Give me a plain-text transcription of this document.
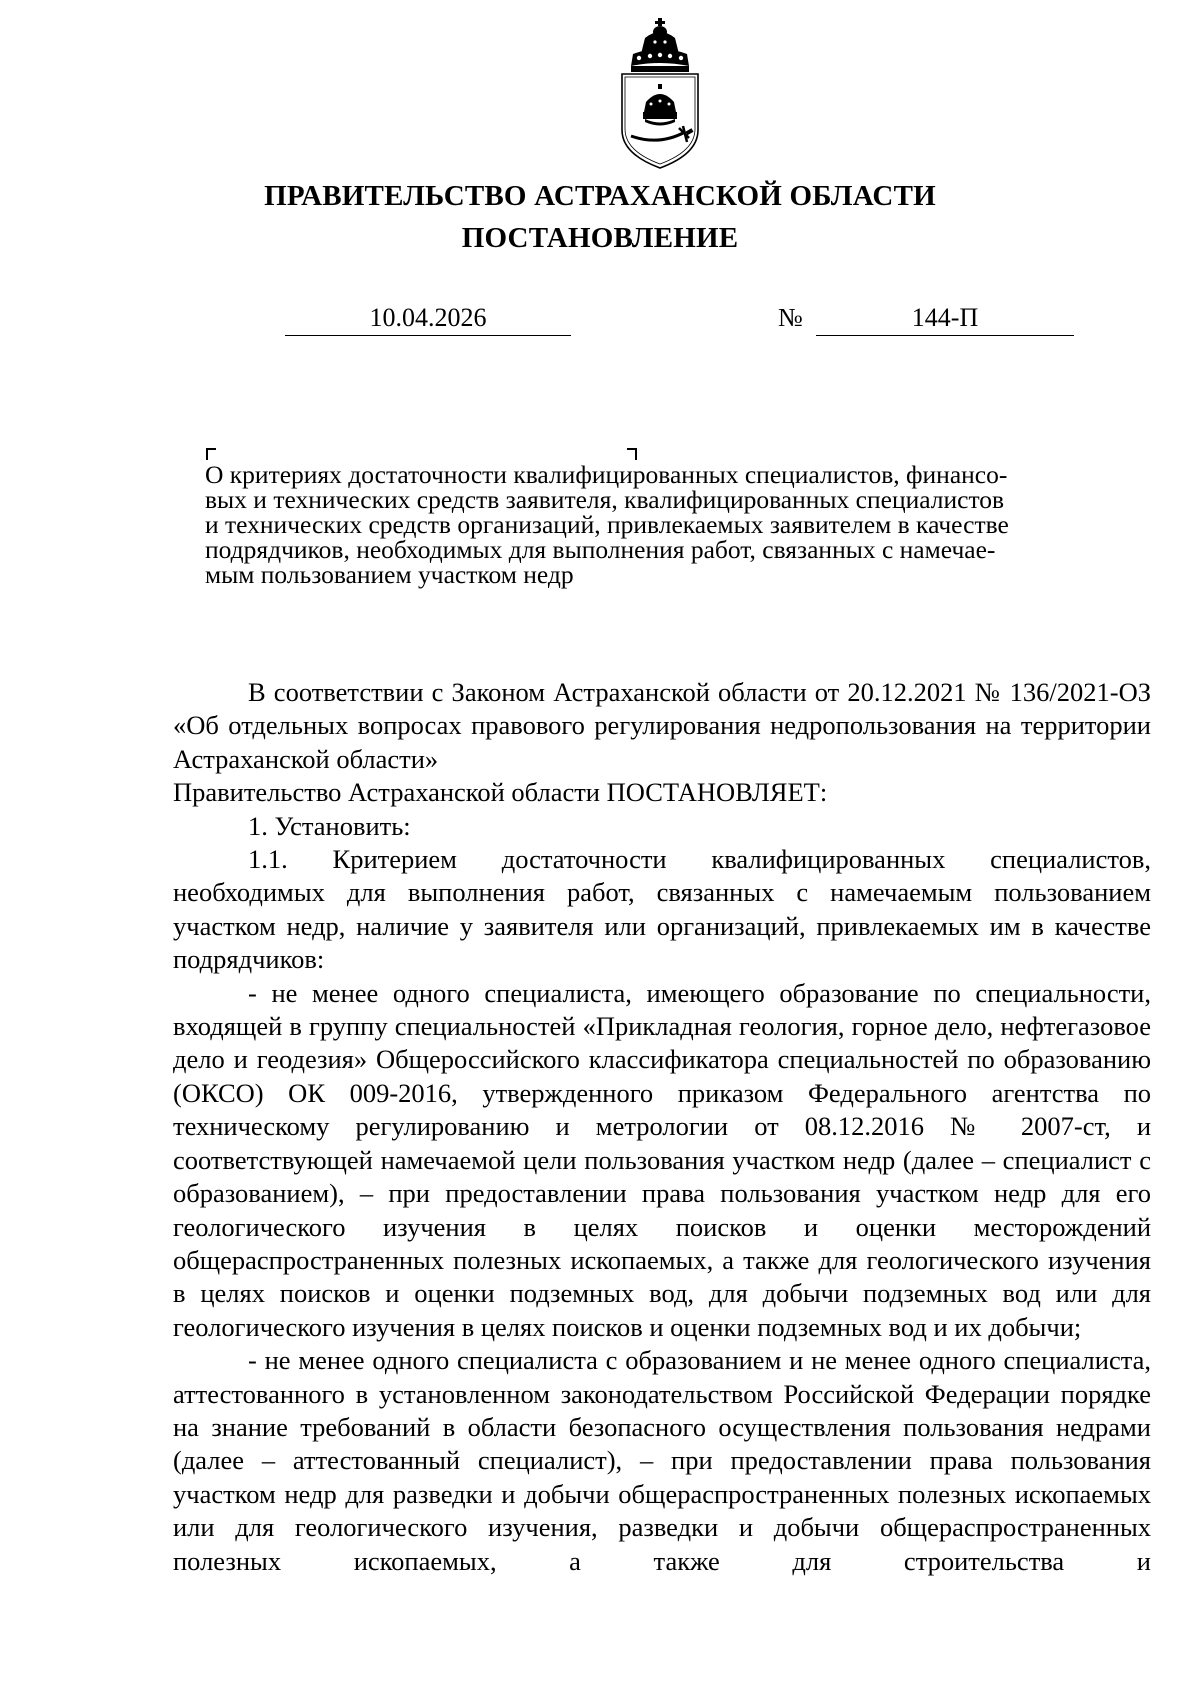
ПРАВИТЕЛЬСТВО АСТРАХАНСКОЙ ОБЛАСТИ
ПОСТАНОВЛЕНИЕ
10.04.2026	№	144-П
О критериях достаточности квалифицированных специалистов, финансо-
вых и технических средств заявителя, квалифицированных специалистов
и технических средств организаций, привлекаемых заявителем в качестве
подрядчиков, необходимых для выполнения работ, связанных с намечае-
мым пользованием участком недр

В соответствии с Законом Астраханской области от 20.12.2021 № 136/2021-ОЗ «Об отдельных вопросах правового регулирования недропользования на территории Астраханской области»

Правительство Астраханской области ПОСТАНОВЛЯЕТ:

1. Установить:

1.1. Критерием достаточности квалифицированных специалистов, необходимых для выполнения работ, связанных с намечаемым пользованием участком недр, наличие у заявителя или организаций, привлекаемых им в качестве подрядчиков:

- не менее одного специалиста, имеющего образование по специальности, входящей в группу специальностей «Прикладная геология, горное дело, нефтегазовое дело и геодезия» Общероссийского классификатора специальностей по образованию (ОКСО) ОК 009-2016, утвержденного приказом Федерального агентства по техническому регулированию и метрологии от 08.12.2016 № 2007-ст, и соответствующей намечаемой цели пользования участком недр (далее – специалист с образованием), – при предоставлении права пользования участком недр для его геологического изучения в целях поисков и оценки месторождений общераспространенных полезных ископаемых, а также для геологического изучения в целях поисков и оценки подземных вод, для добычи подземных вод или для геологического изучения в целях поисков и оценки подземных вод и их добычи;

- не менее одного специалиста с образованием и не менее одного специалиста, аттестованного в установленном законодательством Российской Федерации порядке на знание требований в области безопасного осуществления пользования недрами (далее – аттестованный специалист), – при предоставлении права пользования участком недр для разведки и добычи общераспространенных полезных ископаемых или для геологического изучения, разведки и добычи общераспространенных полезных ископаемых, а также для строительства и
